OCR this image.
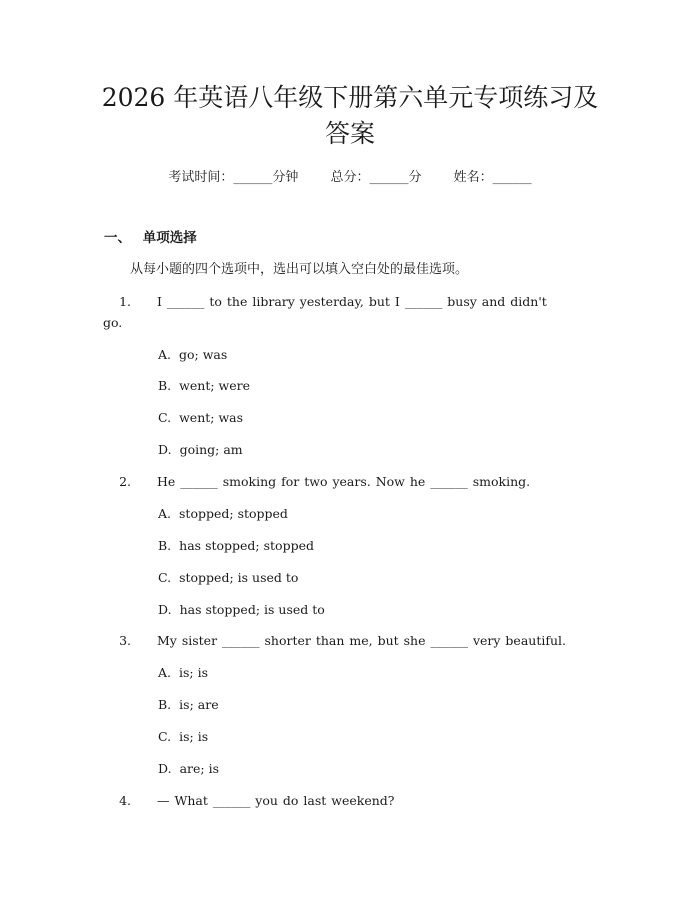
2026 年英语八年级下册第六单元专项练习及
答案
考试时间：______分钟 总分：______分 姓名：______
一、 单项选择
从每小题的四个选项中，选出可以填入空白处的最佳选项。
1. I ______ to the library yesterday, but I ______ busy and didn't
go.
A. go; was
B. went; were
C. went; was
D. going; am
2. He ______ smoking for two years. Now he ______ smoking.
A. stopped; stopped
B. has stopped; stopped
C. stopped; is used to
D. has stopped; is used to
3. My sister ______ shorter than me, but she ______ very beautiful.
A. is; is
B. is; are
C. is; is
D. are; is
4. — What ______ you do last weekend?
